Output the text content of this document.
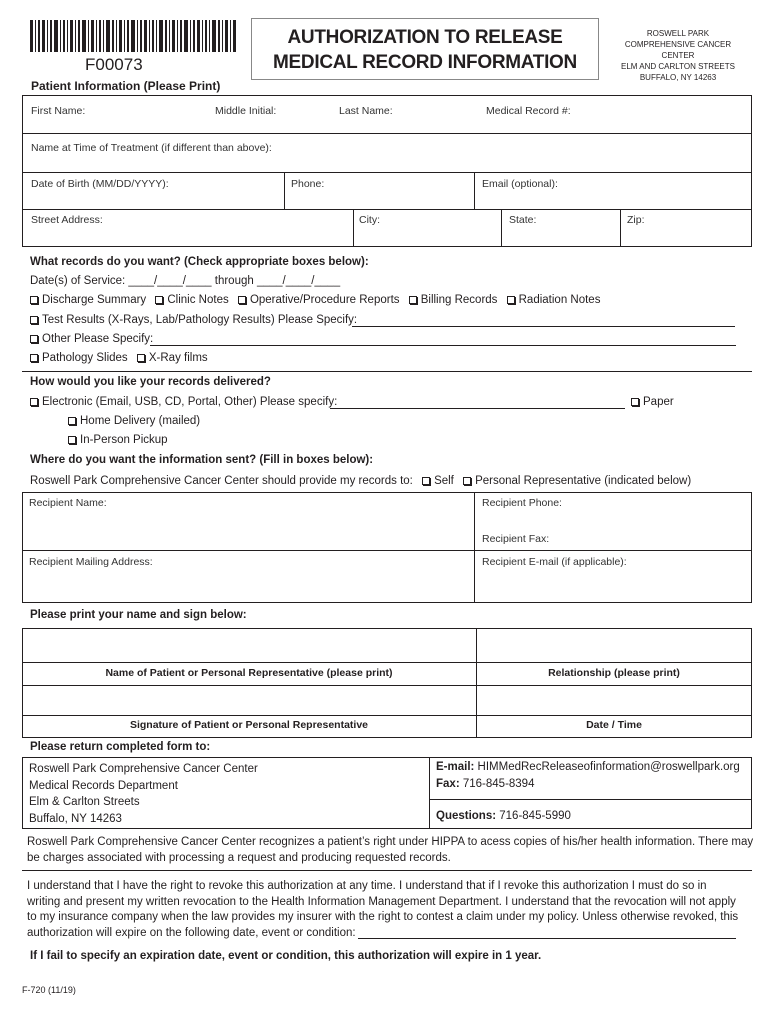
F00073
AUTHORIZATION TO RELEASE
MEDICAL RECORD INFORMATION
ROSWELL PARK
COMPREHENSIVE CANCER CENTER
ELM AND CARLTON STREETS
BUFFALO, NY 14263
Patient Information (Please Print)
First Name:	Middle Initial:	Last Name:	Medical Record #:
Name at Time of Treatment (if different than above):
Date of Birth (MM/DD/YYYY):	Phone:	Email (optional):
Street Address:	City:	State:	Zip:
What records do you want? (Check appropriate boxes below):
Date(s) of Service: ____/____/____ through ____/____/____
Discharge Summary Clinic Notes Operative/Procedure Reports Billing Records Radiation Notes
Test Results (X-Rays, Lab/Pathology Results) Please Specify:
Other Please Specify:
Pathology Slides X-Ray films
How would you like your records delivered?
Electronic (Email, USB, CD, Portal, Other) Please specify:	Paper
Home Delivery (mailed)
In-Person Pickup
Where do you want the information sent? (Fill in boxes below):
Roswell Park Comprehensive Cancer Center should provide my records to: Self Personal Representative (indicated below)
Recipient Name:	Recipient Phone:
Recipient Fax:
Recipient Mailing Address:	Recipient E-mail (if applicable):
Please print your name and sign below:
Name of Patient or Personal Representative (please print)	Relationship (please print)
Signature of Patient or Personal Representative	Date / Time
Please return completed form to:
Roswell Park Comprehensive Cancer Center
Medical Records Department
Elm & Carlton Streets
Buffalo, NY 14263
E-mail: HIMMedRecReleaseofinformation@roswellpark.org
Fax: 716-845-8394
Questions: 716-845-5990
Roswell Park Comprehensive Cancer Center recognizes a patient’s right under HIPPA to acess copies of his/her health information. There may
be charges associated with processing a request and producing requested records.
I understand that I have the right to revoke this authorization at any time. I understand that if I revoke this authorization I must do so in
writing and present my written revocation to the Health Information Management Department. I understand that the revocation will not apply
to my insurance company when the law provides my insurer with the right to contest a claim under my policy. Unless otherwise revoked, this
authorization will expire on the following date, event or condition:
If I fail to specify an expiration date, event or condition, this authorization will expire in 1 year.
F-720 (11/19)
